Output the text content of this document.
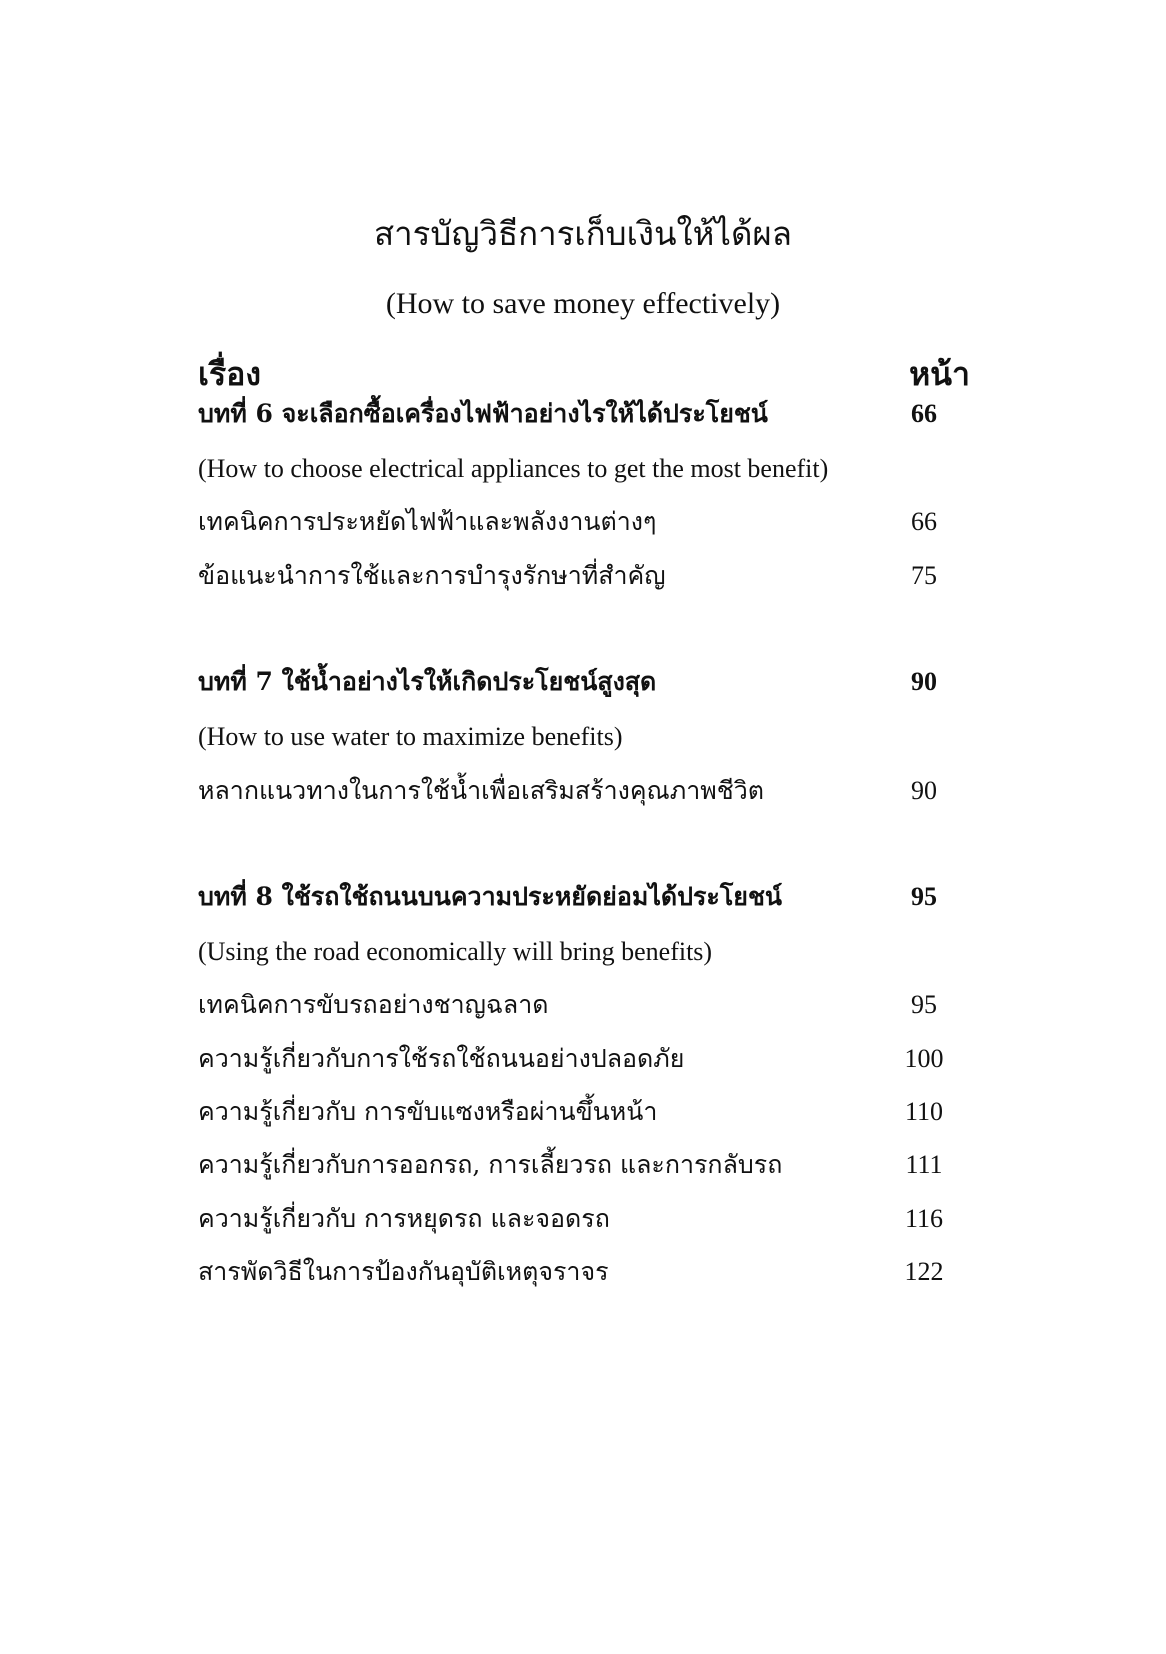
สารบัญวิธีการเก็บเงินให้ได้ผล
(How to save money effectively)
เรื่อง	หน้า
บทที่ 6 จะเลือกซื้อเครื่องไฟฟ้าอย่างไรให้ได้ประโยชน์	66
(How to choose electrical appliances to get the most benefit)
เทคนิคการประหยัดไฟฟ้าและพลังงานต่างๆ	66
ข้อแนะนำการใช้และการบำรุงรักษาที่สำคัญ	75
บทที่ 7 ใช้น้ำอย่างไรให้เกิดประโยชน์สูงสุด	90
(How to use water to maximize benefits)
หลากแนวทางในการใช้น้ำเพื่อเสริมสร้างคุณภาพชีวิต	90
บทที่ 8 ใช้รถใช้ถนนบนความประหยัดย่อมได้ประโยชน์	95
(Using the road economically will bring benefits)
เทคนิคการขับรถอย่างชาญฉลาด	95
ความรู้เกี่ยวกับการใช้รถใช้ถนนอย่างปลอดภัย	100
ความรู้เกี่ยวกับ การขับแซงหรือผ่านขึ้นหน้า	110
ความรู้เกี่ยวกับการออกรถ, การเลี้ยวรถ และการกลับรถ	111
ความรู้เกี่ยวกับ การหยุดรถ และจอดรถ	116
สารพัดวิธีในการป้องกันอุบัติเหตุจราจร	122
